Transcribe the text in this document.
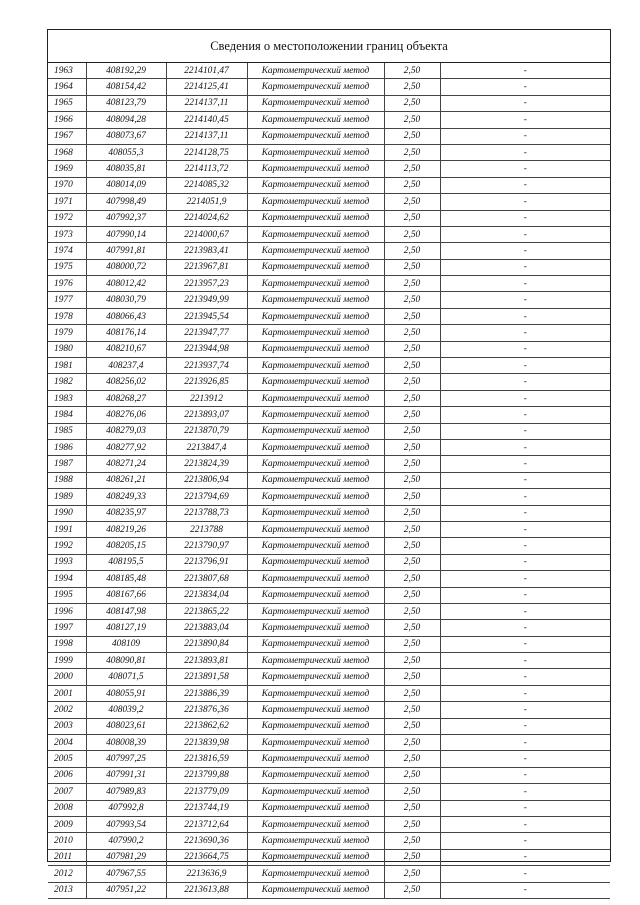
Сведения о местоположении границ объекта
1963	408192,29	2214101,47	Картометрический метод	2,50	-
1964	408154,42	2214125,41	Картометрический метод	2,50	-
1965	408123,79	2214137,11	Картометрический метод	2,50	-
1966	408094,28	2214140,45	Картометрический метод	2,50	-
1967	408073,67	2214137,11	Картометрический метод	2,50	-
1968	408055,3	2214128,75	Картометрический метод	2,50	-
1969	408035,81	2214113,72	Картометрический метод	2,50	-
1970	408014,09	2214085,32	Картометрический метод	2,50	-
1971	407998,49	2214051,9	Картометрический метод	2,50	-
1972	407992,37	2214024,62	Картометрический метод	2,50	-
1973	407990,14	2214000,67	Картометрический метод	2,50	-
1974	407991,81	2213983,41	Картометрический метод	2,50	-
1975	408000,72	2213967,81	Картометрический метод	2,50	-
1976	408012,42	2213957,23	Картометрический метод	2,50	-
1977	408030,79	2213949,99	Картометрический метод	2,50	-
1978	408066,43	2213945,54	Картометрический метод	2,50	-
1979	408176,14	2213947,77	Картометрический метод	2,50	-
1980	408210,67	2213944,98	Картометрический метод	2,50	-
1981	408237,4	2213937,74	Картометрический метод	2,50	-
1982	408256,02	2213926,85	Картометрический метод	2,50	-
1983	408268,27	2213912	Картометрический метод	2,50	-
1984	408276,06	2213893,07	Картометрический метод	2,50	-
1985	408279,03	2213870,79	Картометрический метод	2,50	-
1986	408277,92	2213847,4	Картометрический метод	2,50	-
1987	408271,24	2213824,39	Картометрический метод	2,50	-
1988	408261,21	2213806,94	Картометрический метод	2,50	-
1989	408249,33	2213794,69	Картометрический метод	2,50	-
1990	408235,97	2213788,73	Картометрический метод	2,50	-
1991	408219,26	2213788	Картометрический метод	2,50	-
1992	408205,15	2213790,97	Картометрический метод	2,50	-
1993	408195,5	2213796,91	Картометрический метод	2,50	-
1994	408185,48	2213807,68	Картометрический метод	2,50	-
1995	408167,66	2213834,04	Картометрический метод	2,50	-
1996	408147,98	2213865,22	Картометрический метод	2,50	-
1997	408127,19	2213883,04	Картометрический метод	2,50	-
1998	408109	2213890,84	Картометрический метод	2,50	-
1999	408090,81	2213893,81	Картометрический метод	2,50	-
2000	408071,5	2213891,58	Картометрический метод	2,50	-
2001	408055,91	2213886,39	Картометрический метод	2,50	-
2002	408039,2	2213876,36	Картометрический метод	2,50	-
2003	408023,61	2213862,62	Картометрический метод	2,50	-
2004	408008,39	2213839,98	Картометрический метод	2,50	-
2005	407997,25	2213816,59	Картометрический метод	2,50	-
2006	407991,31	2213799,88	Картометрический метод	2,50	-
2007	407989,83	2213779,09	Картометрический метод	2,50	-
2008	407992,8	2213744,19	Картометрический метод	2,50	-
2009	407993,54	2213712,64	Картометрический метод	2,50	-
2010	407990,2	2213690,36	Картометрический метод	2,50	-
2011	407981,29	2213664,75	Картометрический метод	2,50	-
2012	407967,55	2213636,9	Картометрический метод	2,50	-
2013	407951,22	2213613,88	Картометрический метод	2,50	-
